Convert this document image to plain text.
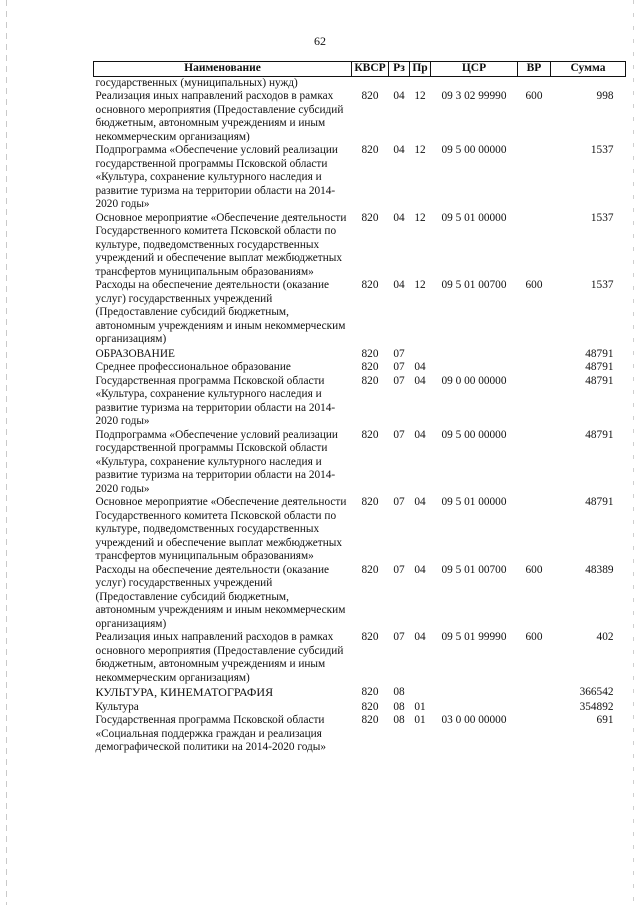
62
Наименование	КВСР	Рз	Пр	ЦСР	ВР	Сумма
государственных (муниципальных) нужд)						
Реализация иных направлений расходов в рамках основного мероприятия (Предоставление субсидий бюджетным, автономным учреждениям и иным некоммерческим организациям)	820	04	12	09 3 02 99990	600	998
Подпрограмма «Обеспечение условий реализации государственной программы Псковской области «Культура, сохранение культурного наследия и развитие туризма на территории области на 2014-2020 годы»	820	04	12	09 5 00 00000		1537
Основное мероприятие «Обеспечение деятельности Государственного комитета Псковской области по культуре, подведомственных государственных учреждений и обеспечение выплат межбюджетных трансфертов муниципальным образованиям»	820	04	12	09 5 01 00000		1537
Расходы на обеспечение деятельности (оказание услуг) государственных учреждений (Предоставление субсидий бюджетным, автономным учреждениям и иным некоммерческим организациям)	820	04	12	09 5 01 00700	600	1537
ОБРАЗОВАНИЕ	820	07				48791
Среднее профессиональное образование	820	07	04			48791
Государственная программа Псковской области «Культура, сохранение культурного наследия и развитие туризма на территории области на 2014-2020 годы»	820	07	04	09 0 00 00000		48791
Подпрограмма «Обеспечение условий реализации государственной программы Псковской области «Культура, сохранение культурного наследия и развитие туризма на территории области на 2014-2020 годы»	820	07	04	09 5 00 00000		48791
Основное мероприятие «Обеспечение деятельности Государственного комитета Псковской области по культуре, подведомственных государственных учреждений и обеспечение выплат межбюджетных трансфертов муниципальным образованиям»	820	07	04	09 5 01 00000		48791
Расходы на обеспечение деятельности (оказание услуг) государственных учреждений (Предоставление субсидий бюджетным, автономным учреждениям и иным некоммерческим организациям)	820	07	04	09 5 01 00700	600	48389
Реализация иных направлений расходов в рамках основного мероприятия (Предоставление субсидий бюджетным, автономным учреждениям и иным некоммерческим организациям)	820	07	04	09 5 01 99990	600	402
КУЛЬТУРА, КИНЕМАТОГРАФИЯ	820	08				366542
Культура	820	08	01			354892
Государственная программа Псковской области «Социальная поддержка граждан и реализация демографической политики на 2014-2020 годы»	820	08	01	03 0 00 00000		691
